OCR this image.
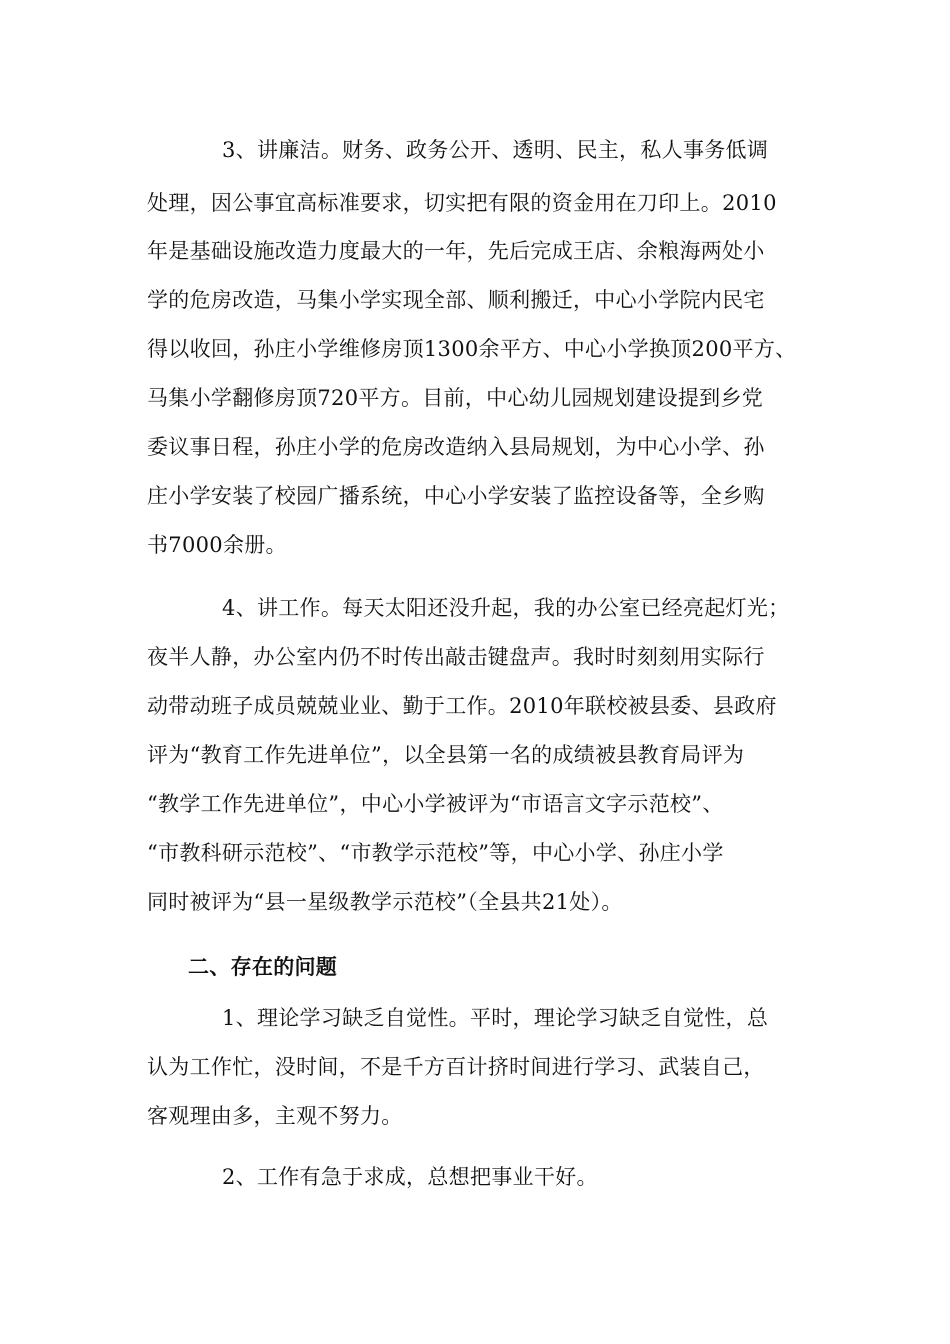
3、讲廉洁。财务、政务公开、透明、民主，私人事务低调
处理，因公事宜高标准要求，切实把有限的资金用在刀印上。2010
年是基础设施改造力度最大的一年，先后完成王店、余粮海两处小
学的危房改造，马集小学实现全部、顺利搬迁，中心小学院内民宅
得以收回，孙庄小学维修房顶1300余平方、中心小学换顶200平方、
马集小学翻修房顶720平方。目前，中心幼儿园规划建设提到乡党
委议事日程，孙庄小学的危房改造纳入县局规划，为中心小学、孙
庄小学安装了校园广播系统，中心小学安装了监控设备等，全乡购
书7000余册。
4、讲工作。每天太阳还没升起，我的办公室已经亮起灯光；
夜半人静，办公室内仍不时传出敲击键盘声。我时时刻刻用实际行
动带动班子成员兢兢业业、勤于工作。2010年联校被县委、县政府
评为“教育工作先进单位”，以全县第一名的成绩被县教育局评为
“教学工作先进单位”，中心小学被评为“市语言文字示范校”、
“市教科研示范校”、“市教学示范校”等，中心小学、孙庄小学
同时被评为“县一星级教学示范校”（全县共21处）。
二、存在的问题
1、理论学习缺乏自觉性。平时，理论学习缺乏自觉性，总
认为工作忙，没时间，不是千方百计挤时间进行学习、武装自己，
客观理由多，主观不努力。
2、工作有急于求成，总想把事业干好。
